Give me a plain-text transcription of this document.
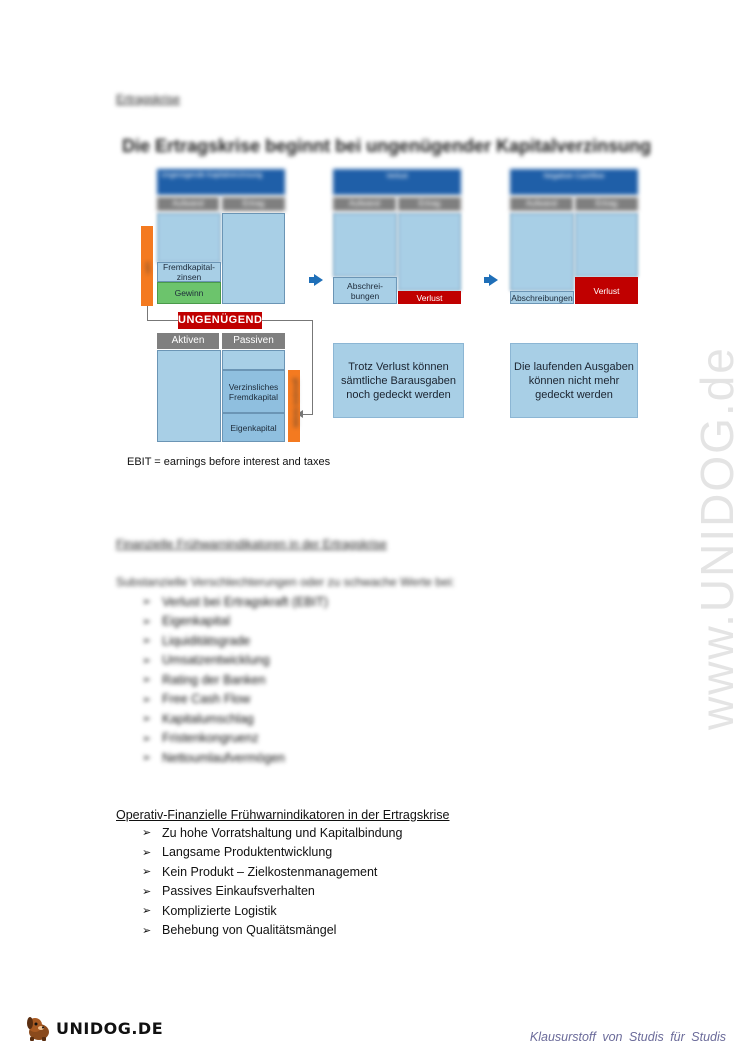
www.UNIDOG.de
Ertragskrise
Die Ertragskrise beginnt bei ungenügender Kapitalverzinsung
Ungenügende Kapitalverzinsung
Aufwand	Ertrag
Fremdkapital-zinsen
Gewinn
EBIT
Verlust
Aufwand	Ertrag
Abschrei-bungen	Verlust
Negativer Cashflow
Aufwand	Ertrag
Abschreibungen
Verlust
UNGENÜGEND
Aktiven	Passiven
Verzinsliches Fremdkapital
Eigenkapital	geforderte Rendite
Trotz Verlust können sämtliche Barausgaben noch gedeckt werden
Die laufenden Ausgaben können nicht mehr gedeckt werden
EBIT = earnings before interest and taxes
Finanzielle Frühwarnindikatoren in der Ertragskrise
Substanzielle Verschlechterungen oder zu schwache Werte bei:
➢ Verlust bei Ertragskraft (EBIT)
➢ Eigenkapital
➢ Liquiditätsgrade
➢ Umsatzentwicklung
➢ Rating der Banken
➢ Free Cash Flow
➢ Kapitalumschlag
➢ Fristenkongruenz
➢ Nettoumlaufvermögen
Operativ-Finanzielle Frühwarnindikatoren in der Ertragskrise
➢ Zu hohe Vorratshaltung und Kapitalbindung
➢ Langsame Produktentwicklung
➢ Kein Produkt – Zielkostenmanagement
➢ Passives Einkaufsverhalten
➢ Komplizierte Logistik
➢ Behebung von Qualitätsmängel
UNIDOG.DE	Klausurstoff von Studis für Studis
